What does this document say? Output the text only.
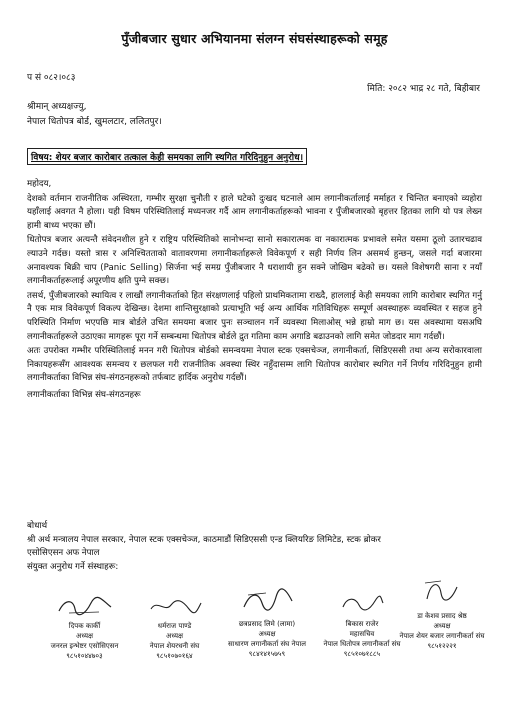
पुँजीबजार सुधार अभियानमा संलग्न संघसंस्थाहरूको समूह
प सं ०८२।०८३
मिति: २०८२ भाद्र २८ गते, बिहीबार
श्रीमान् अध्यक्षज्यु,
नेपाल धितोपत्र बोर्ड, खुमलटार, ललितपुर।
विषय: शेयर बजार कारोबार तत्काल केही समयका लागि स्थगित गरिदिनुहुन अनुरोध।

महोदय,

देशको वर्तमान राजनीतिक अस्थिरता, गम्भीर सुरक्षा चुनौती र हाले घटेको दुःखद घटनाले आम लगानीकर्तालाई मर्माहत र चिन्तित बनाएको व्यहोरा यहाँलाई अवगत नै होला। यही विषम परिस्थितिलाई मध्यनजर गर्दै आम लगानीकर्ताहरूको भावना र पुँजीबजारको बृहत्तर हितका लागि यो पत्र लेख्न हामी बाध्य भएका छौं।

धितोपत्र बजार अत्यन्तै संवेदनशील हुने र राष्ट्रिय परिस्थितिको सानोभन्दा सानो सकारात्मक वा नकारात्मक प्रभावले समेत यसमा ठूलो उतारचढाव ल्याउने गर्दछ। यस्तो त्रास र अनिश्चितताको वातावरणमा लगानीकर्ताहरूले विवेकपूर्ण र सही निर्णय लिन असमर्थ हुन्छन्, जसले गर्दा बजारमा अनावश्यक बिक्री चाप (Panic Selling) सिर्जना भई समग्र पुँजीबजार नै धराशायी हुन सक्ने जोखिम बढेको छ। यसले विशेषगरी साना र नयाँ लगानीकर्ताहरूलाई अपूरणीय क्षति पुग्ने सक्छ।

तसर्थ, पुँजीबजारको स्थायित्व र लाखौं लगानीकर्ताको हित संरक्षणलाई पहिलो प्राथमिकतामा राख्दै, हाललाई केही समयका लागि कारोबार स्थगित गर्नु नै एक मात्र विवेकपूर्ण विकल्प देखिन्छ। देशमा शान्तिसुरक्षाको प्रत्याभूति भई अन्य आर्थिक गतिविधिहरू सम्पूर्ण अवस्थाहरू व्यवस्थित र सहज हुने परिस्थिति निर्माण भएपछि मात्र बोर्डले उचित समयमा बजार पुनः सञ्चालन गर्ने व्यवस्था मिलाओस् भन्ने हाम्रो माग छ। यस अवस्थामा यसअघि लगानीकर्ताहरूले उठाएका मागहरू पूरा गर्ने सम्बन्धमा धितोपत्र बोर्डले द्रुत गतिमा काम अगाडि बढाउनको लागि समेत जोडदार माग गर्दछौं।

अतः उपरोक्त गम्भीर परिस्थितिलाई मनन गरी धितोपत्र बोर्डको समन्वयमा नेपाल स्टक एक्सचेञ्ज, लगानीकर्ता, सिडिएससी तथा अन्य सरोकारवाला निकायहरूसँग आवश्यक समन्वय र छलफल गरी राजनीतिक अवस्था स्थिर नहुँदासम्म लागि धितोपत्र कारोबार स्थगित गर्ने निर्णय गरिदिनुहुन हामी लगानीकर्ताका विभिन्न संघ-संगठनहरूको तर्फबाट हार्दिक अनुरोध गर्दछौं।

लगानीकर्ताका विभिन्न संघ-संगठनहरू

बोधार्थ

श्री अर्थ मन्त्रालय नेपाल सरकार, नेपाल स्टक एक्सचेञ्ज, काठमाडौं सिडिएससी एन्ड क्लियरिङ लिमिटेड, स्टक ब्रोकर

एसोसिएसन अफ नेपाल

संयुक्त अनुरोध गर्ने संस्थाहरू:

दिपक कार्की
अध्यक्ष
जनरल इन्भेष्टर एसोसिएसन
९८५१०४४७०३
धर्मराज पाण्डे
अध्यक्ष
नेपाल शेयरधनी संघ
९८५१०७०१६४
छत्रप्रसाद लिमे (लामा)
अध्यक्ष
साधारण लगानीकर्ता संघ नेपाल
९८४१४१५७५९
बिकास राजेर
महासचिव
नेपाल धितोपत्र लगानीकर्ता संघ
९८५१०७१८८५
डा केशव प्रसाद श्रेष्ठ
अध्यक्ष
नेपाल शेयर बजार लगानीकर्ता संघ
९८५१२२२१
